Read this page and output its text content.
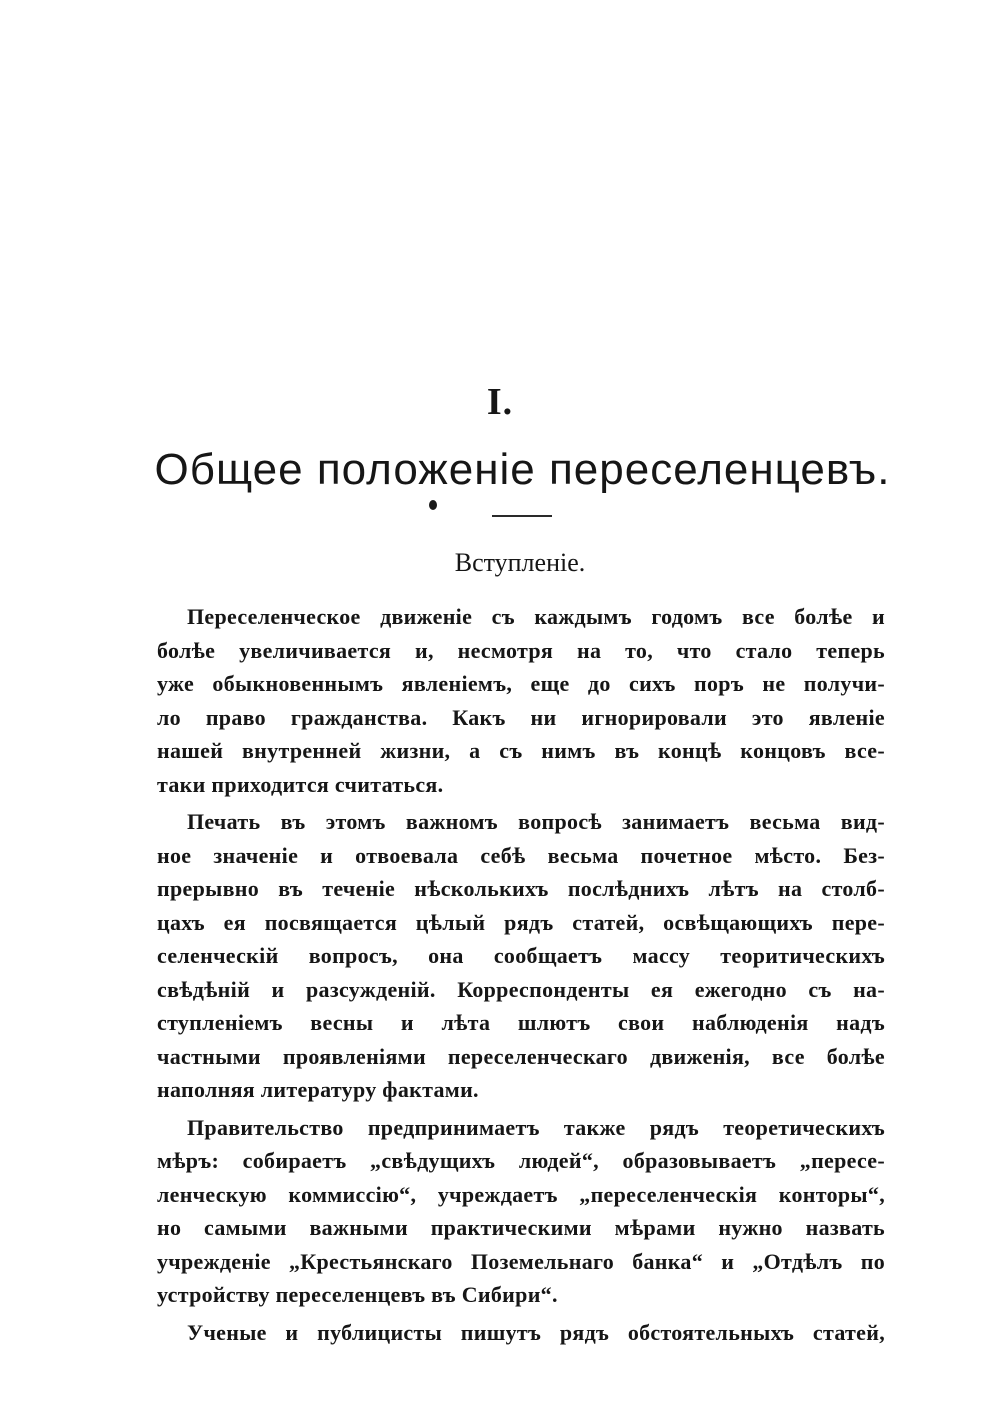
I.
Общее положеніе переселенцевъ.
Вступленіе.
Переселенческое движеніе съ каждымъ годомъ все болѣе и
болѣе увеличивается и, несмотря на то, что стало теперь
уже обыкновеннымъ явленіемъ, еще до сихъ поръ не получи-
ло право гражданства. Какъ ни игнорировали это явленіе
нашей внутренней жизни, а съ нимъ въ концѣ концовъ все-
таки приходится считаться.
Печать въ этомъ важномъ вопросѣ занимаетъ весьма вид-
ное значеніе и отвоевала себѣ весьма почетное мѣсто. Без-
прерывно въ теченіе нѣсколькихъ послѣднихъ лѣтъ на столб-
цахъ ея посвящается цѣлый рядъ статей, освѣщающихъ пере-
селенческій вопросъ, она сообщаетъ массу теоритическихъ
свѣдѣній и разсужденій. Корреспонденты ея ежегодно съ на-
ступленіемъ весны и лѣта шлютъ свои наблюденія надъ
частными проявленіями переселенческаго движенія, все болѣе
наполняя литературу фактами.
Правительство предпринимаетъ также рядъ теоретическихъ
мѣръ: собираетъ „свѣдущихъ людей“, образовываетъ „пересе-
ленческую коммиссію“, учреждаетъ „переселенческія конторы“,
но самыми важными практическими мѣрами нужно назвать
учрежденіе „Крестьянскаго Поземельнаго банка“ и „Отдѣлъ по
устройству переселенцевъ въ Сибири“.
Ученые и публицисты пишутъ рядъ обстоятельныхъ статей,
